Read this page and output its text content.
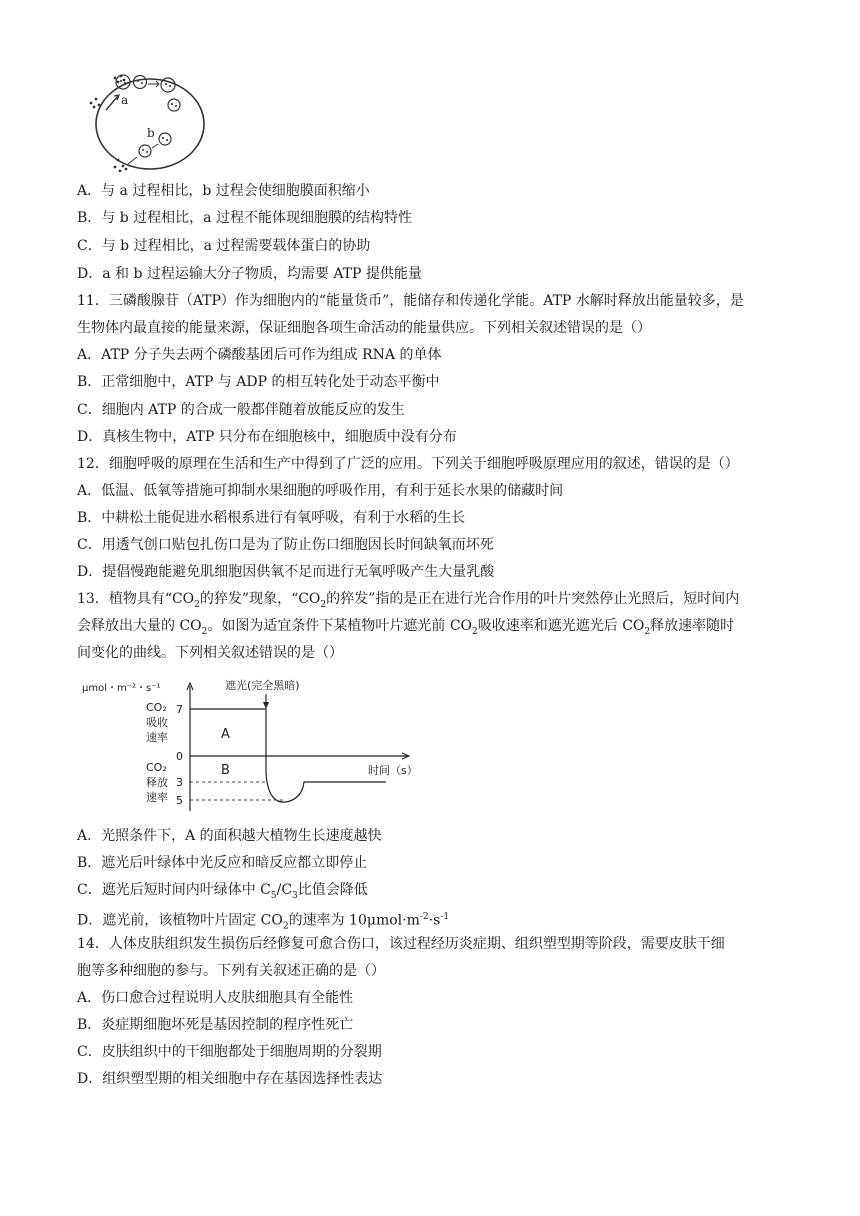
a
b
A．与 a 过程相比，b 过程会使细胞膜面积缩小
B．与 b 过程相比，a 过程不能体现细胞膜的结构特性
C．与 b 过程相比，a 过程需要载体蛋白的协助
D．a 和 b 过程运输大分子物质，均需要 ATP 提供能量
11．三磷酸腺苷（ATP）作为细胞内的“能量货币”，能储存和传递化学能。ATP 水解时释放出能量较多，是
生物体内最直接的能量来源，保证细胞各项生命活动的能量供应。下列相关叙述错误的是（）
A．ATP 分子失去两个磷酸基团后可作为组成 RNA 的单体
B．正常细胞中，ATP 与 ADP 的相互转化处于动态平衡中
C．细胞内 ATP 的合成一般都伴随着放能反应的发生
D．真核生物中，ATP 只分布在细胞核中，细胞质中没有分布
12．细胞呼吸的原理在生活和生产中得到了广泛的应用。下列关于细胞呼吸原理应用的叙述，错误的是（）
A．低温、低氧等措施可抑制水果细胞的呼吸作用，有利于延长水果的储藏时间
B．中耕松土能促进水稻根系进行有氧呼吸，有利于水稻的生长
C．用透气创口贴包扎伤口是为了防止伤口细胞因长时间缺氧而坏死
D．提倡慢跑能避免肌细胞因供氧不足而进行无氧呼吸产生大量乳酸
13．植物具有“$CO_2$的猝发”现象，“$CO_2$的猝发”指的是正在进行光合作用的叶片突然停止光照后，短时间内
会释放出大量的 $CO_2$。如图为适宜条件下某植物叶片遮光前 $CO_2$吸收速率和遮光遮光后 $CO_2$释放速率随时
间变化的曲线。下列相关叙述错误的是（）
μmol・m⁻²・s⁻¹	遮光(完全黑暗)
7
0
3
5
CO₂
吸收
速率
CO₂
释放
速率
A
B	时间（s）
A．光照条件下，A 的面积越大植物生长速度越快
B．遮光后叶绿体中光反应和暗反应都立即停止
C．遮光后短时间内叶绿体中 $C_5/C_3$比值会降低
D．遮光前，该植物叶片固定 $CO_2$的速率为 $10\mu mol\cdot m^{-2}\cdot s^{-1}$
14．人体皮肤组织发生损伤后经修复可愈合伤口，该过程经历炎症期、组织塑型期等阶段，需要皮肤干细
胞等多种细胞的参与。下列有关叙述正确的是（）
A．伤口愈合过程说明人皮肤细胞具有全能性
B．炎症期细胞坏死是基因控制的程序性死亡
C．皮肤组织中的干细胞都处于细胞周期的分裂期
D．组织塑型期的相关细胞中存在基因选择性表达
